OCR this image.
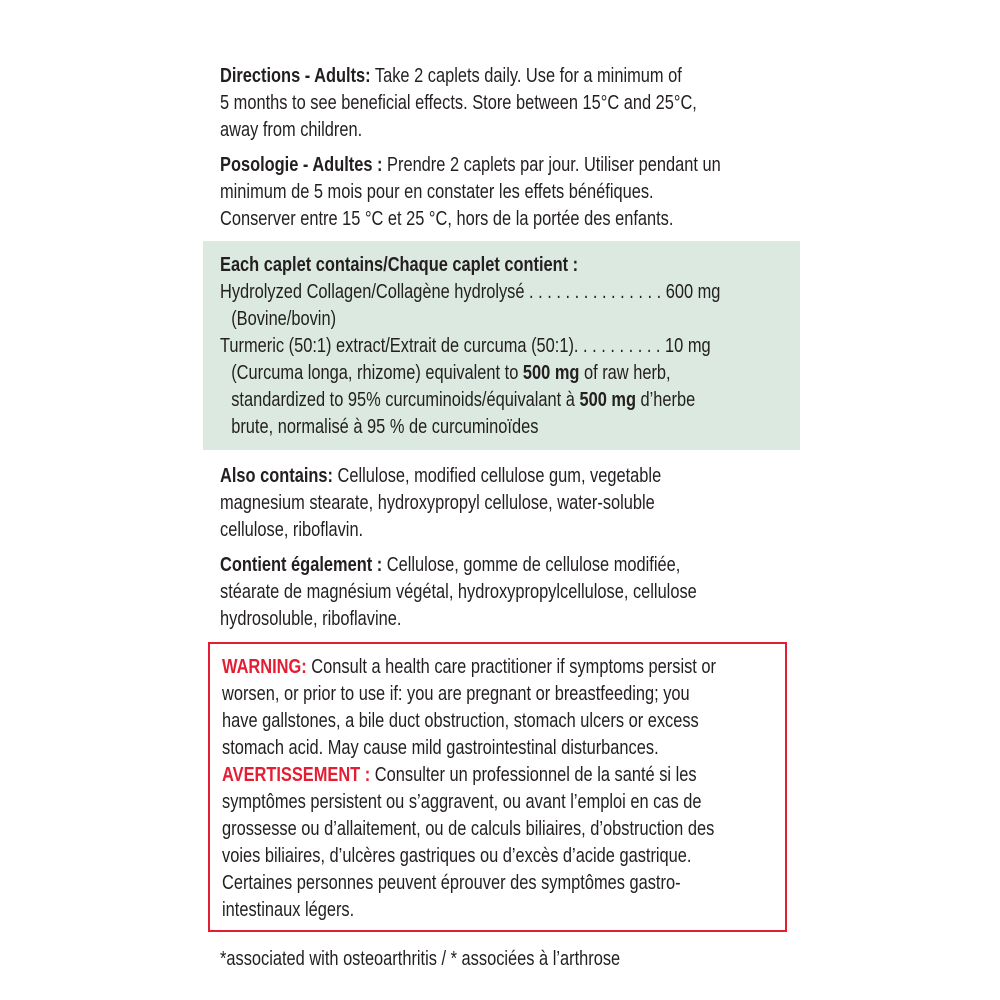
Directions - Adults: Take 2 caplets daily. Use for a minimum of
5 months to see beneficial effects. Store between 15°C and 25°C,
away from children.
Posologie - Adultes : Prendre 2 caplets par jour. Utiliser pendant un
minimum de 5 mois pour en constater les effets bénéfiques.
Conserver entre 15 °C et 25 °C, hors de la portée des enfants.
Each caplet contains/Chaque caplet contient :
Hydrolyzed Collagen/Collagène hydrolysé . . . . . . . . . . . . . . . 600 mg
(Bovine/bovin)
Turmeric (50:1) extract/Extrait de curcuma (50:1). . . . . . . . . . 10 mg
(Curcuma longa, rhizome) equivalent to 500 mg of raw herb,
standardized to 95% curcuminoids/équivalant à 500 mg d’herbe
brute, normalisé à 95 % de curcuminoïdes
Also contains: Cellulose, modified cellulose gum, vegetable
magnesium stearate, hydroxypropyl cellulose, water-soluble
cellulose, riboflavin.
Contient également : Cellulose, gomme de cellulose modifiée,
stéarate de magnésium végétal, hydroxypropylcellulose, cellulose
hydrosoluble, riboflavine.
WARNING: Consult a health care practitioner if symptoms persist or
worsen, or prior to use if: you are pregnant or breastfeeding; you
have gallstones, a bile duct obstruction, stomach ulcers or excess
stomach acid. May cause mild gastrointestinal disturbances.
AVERTISSEMENT : Consulter un professionnel de la santé si les
symptômes persistent ou s’aggravent, ou avant l’emploi en cas de
grossesse ou d’allaitement, ou de calculs biliaires, d’obstruction des
voies biliaires, d’ulcères gastriques ou d’excès d’acide gastrique.
Certaines personnes peuvent éprouver des symptômes gastro-
intestinaux légers.
*associated with osteoarthritis / * associées à l’arthrose
